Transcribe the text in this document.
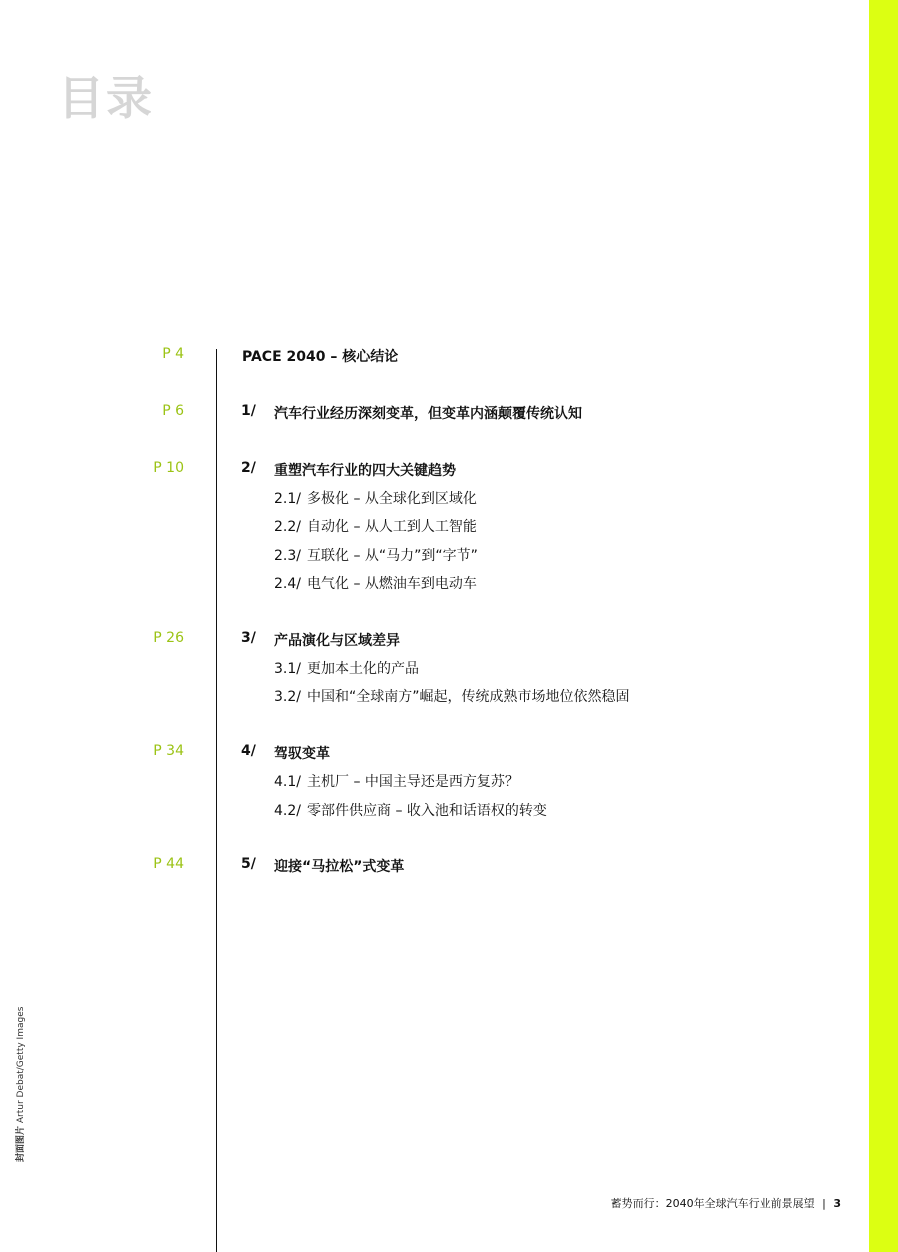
目录
P 4	PACE 2040 – 核心结论
P 6	1/ 汽车行业经历深刻变革，但变革内涵颠覆传统认知
P 10	2/ 重塑汽车行业的四大关键趋势
2.1/ 多极化 – 从全球化到区域化
2.2/ 自动化 – 从人工到人工智能
2.3/ 互联化 – 从“马力”到“字节”
2.4/ 电气化 – 从燃油车到电动车
P 26	3/ 产品演化与区域差异
3.1/ 更加本土化的产品
3.2/ 中国和“全球南方”崛起，传统成熟市场地位依然稳固
P 34	4/ 驾驭变革
4.1/ 主机厂 – 中国主导还是西方复苏？
4.2/ 零部件供应商 – 收入池和话语权的转变
P 44	5/ 迎接“马拉松”式变革
封面图片 Artur Debat/Getty Images
蓄势而行：2040年全球汽车行业前景展望 | 3
